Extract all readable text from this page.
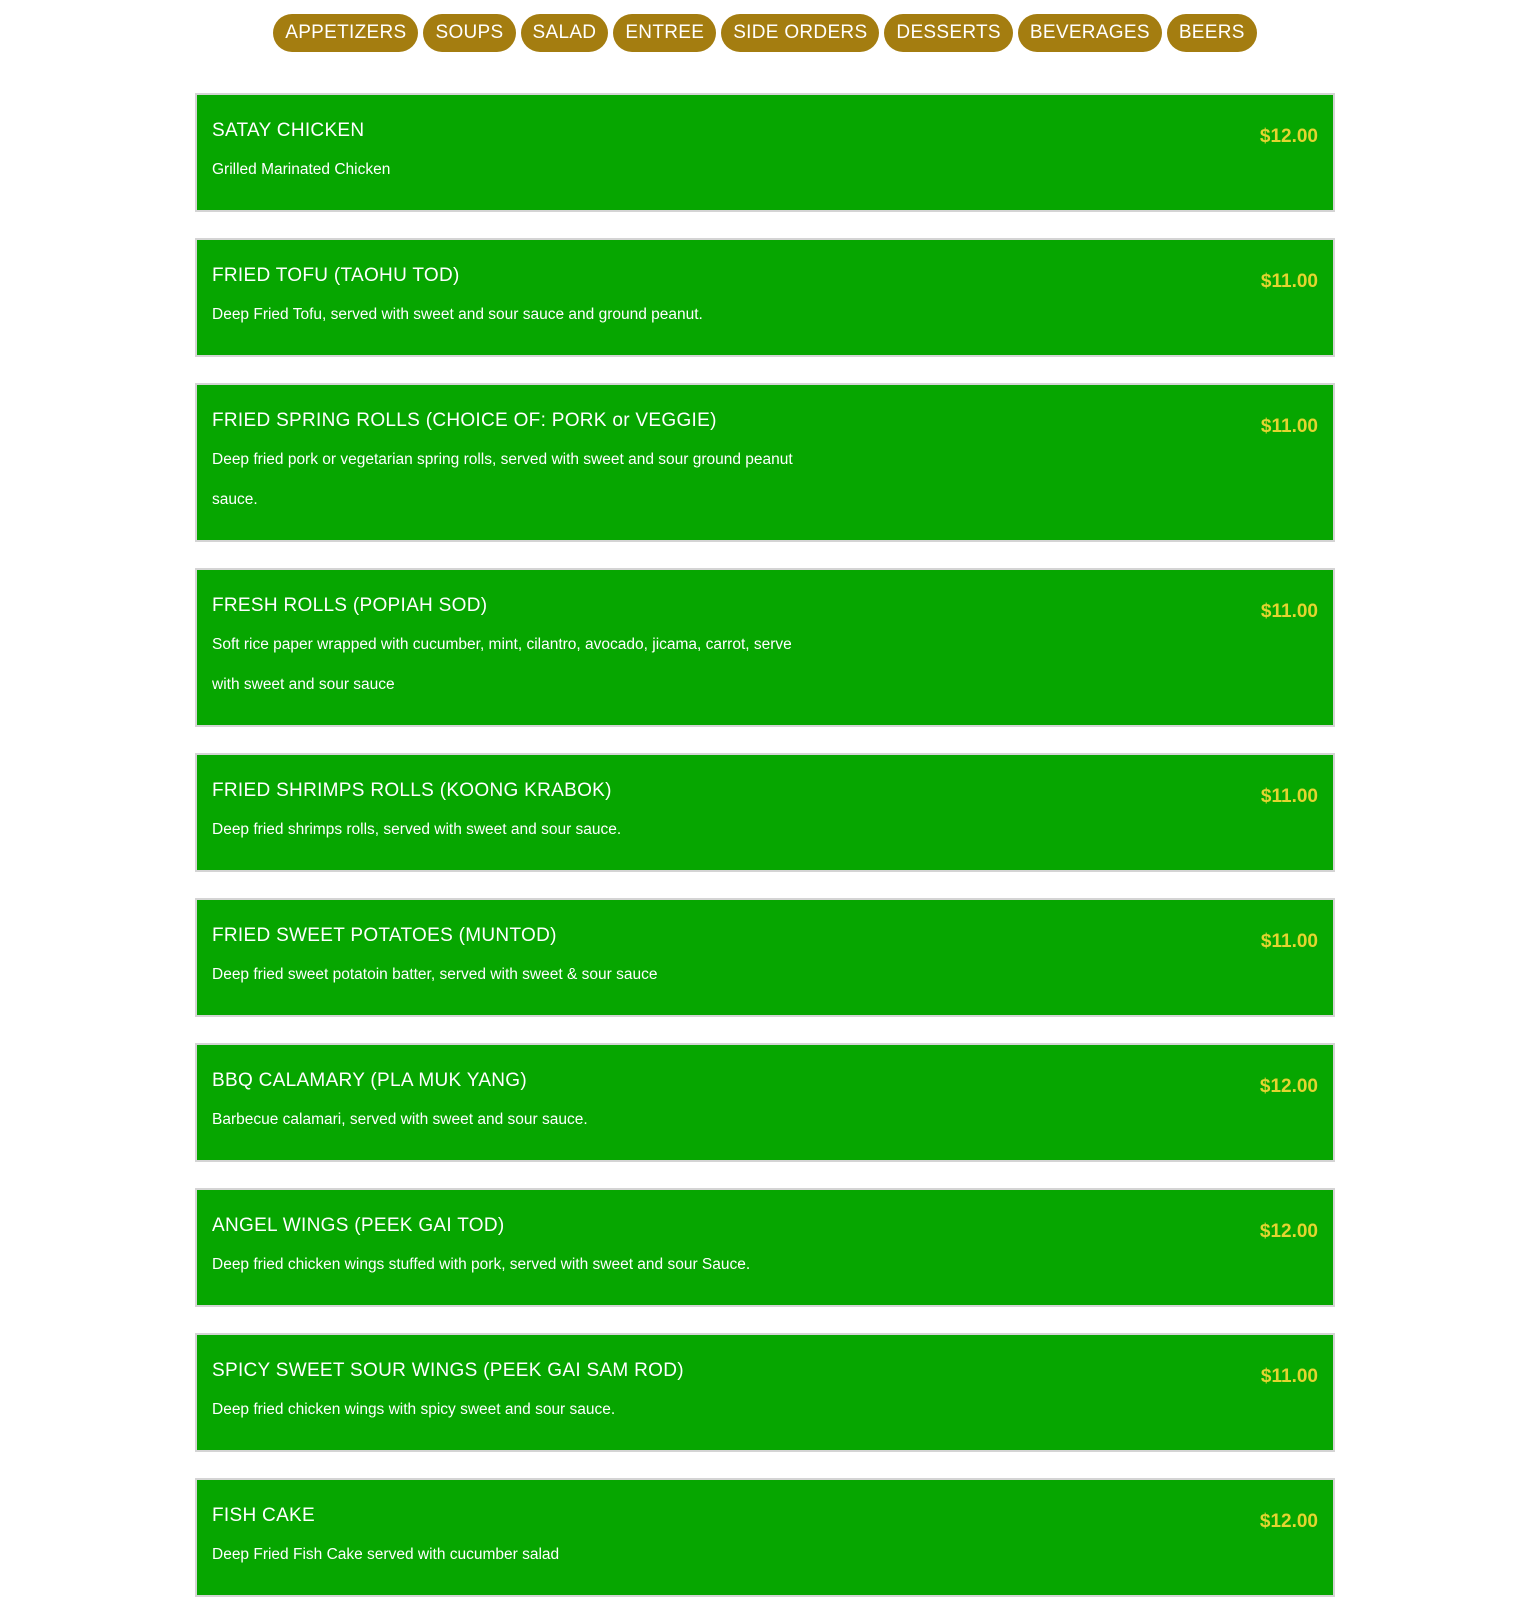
APPETIZERS	SOUPS	SALAD	ENTREE	SIDE ORDERS	DESSERTS	BEVERAGES	BEERS
SATAY CHICKEN
Grilled Marinated Chicken
$12.00
FRIED TOFU (TAOHU TOD)
Deep Fried Tofu, served with sweet and sour sauce and ground peanut.
$11.00
FRIED SPRING ROLLS (CHOICE OF: PORK or VEGGIE)
Deep fried pork or vegetarian spring rolls, served with sweet and sour ground peanut sauce.
$11.00
FRESH ROLLS (POPIAH SOD)
Soft rice paper wrapped with cucumber, mint, cilantro, avocado, jicama, carrot, serve with sweet and sour sauce
$11.00
FRIED SHRIMPS ROLLS (KOONG KRABOK)
Deep fried shrimps rolls, served with sweet and sour sauce.
$11.00
FRIED SWEET POTATOES (MUNTOD)
Deep fried sweet potatoin batter, served with sweet & sour sauce
$11.00
BBQ CALAMARY (PLA MUK YANG)
Barbecue calamari, served with sweet and sour sauce.
$12.00
ANGEL WINGS (PEEK GAI TOD)
Deep fried chicken wings stuffed with pork, served with sweet and sour Sauce.
$12.00
SPICY SWEET SOUR WINGS (PEEK GAI SAM ROD)
Deep fried chicken wings with spicy sweet and sour sauce.
$11.00
FISH CAKE
Deep Fried Fish Cake served with cucumber salad
$12.00
